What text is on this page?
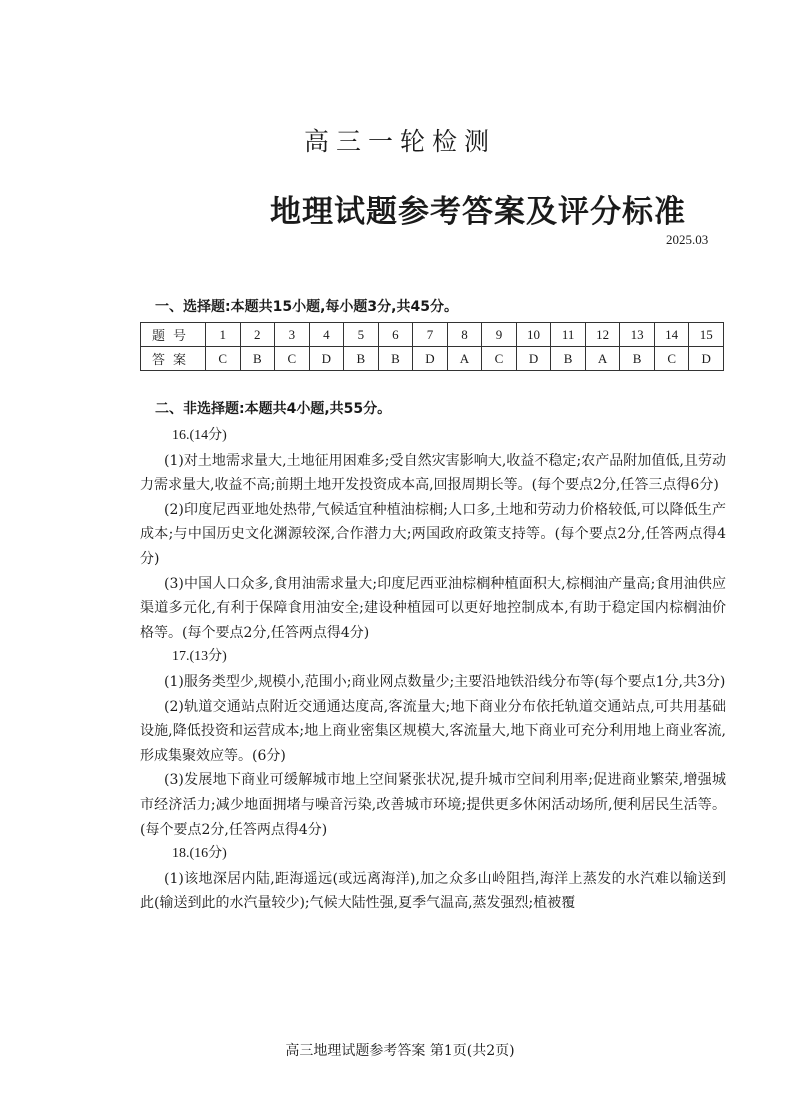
高三一轮检测
地理试题参考答案及评分标准
2025.03
一、选择题:本题共15小题,每小题3分,共45分。
题号	1	2	3	4	5	6	7	8	9	10	11	12	13	14	15
答案	C	B	C	D	B	B	D	A	C	D	B	A	B	C	D
二、非选择题:本题共4小题,共55分。

16.(14分)

(1)对土地需求量大,土地征用困难多;受自然灾害影响大,收益不稳定;农产品附加值低,且劳动力需求量大,收益不高;前期土地开发投资成本高,回报周期长等。(每个要点2分,任答三点得6分)

(2)印度尼西亚地处热带,气候适宜种植油棕榈;人口多,土地和劳动力价格较低,可以降低生产成本;与中国历史文化渊源较深,合作潜力大;两国政府政策支持等。(每个要点2分,任答两点得4分)

(3)中国人口众多,食用油需求量大;印度尼西亚油棕榈种植面积大,棕榈油产量高;食用油供应渠道多元化,有利于保障食用油安全;建设种植园可以更好地控制成本,有助于稳定国内棕榈油价格等。(每个要点2分,任答两点得4分)

17.(13分)

(1)服务类型少,规模小,范围小;商业网点数量少;主要沿地铁沿线分布等(每个要点1分,共3分)

(2)轨道交通站点附近交通通达度高,客流量大;地下商业分布依托轨道交通站点,可共用基础设施,降低投资和运营成本;地上商业密集区规模大,客流量大,地下商业可充分利用地上商业客流,形成集聚效应等。(6分)

(3)发展地下商业可缓解城市地上空间紧张状况,提升城市空间利用率;促进商业繁荣,增强城市经济活力;减少地面拥堵与噪音污染,改善城市环境;提供更多休闲活动场所,便利居民生活等。(每个要点2分,任答两点得4分)

18.(16分)

(1)该地深居内陆,距海遥远(或远离海洋),加之众多山岭阻挡,海洋上蒸发的水汽难以输送到此(输送到此的水汽量较少);气候大陆性强,夏季气温高,蒸发强烈;植被覆

高三地理试题参考答案 第1页(共2页)
